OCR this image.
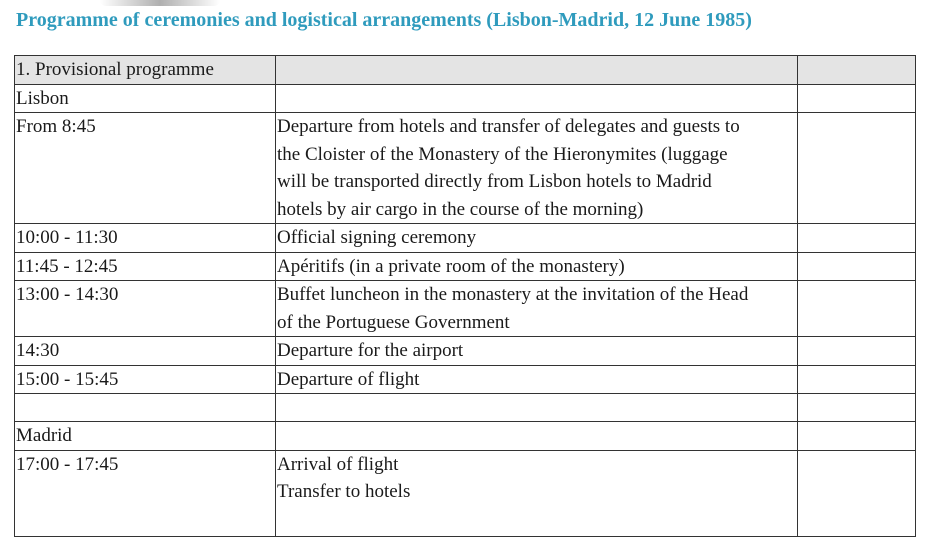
Programme of ceremonies and logistical arrangements (Lisbon-Madrid, 12 June 1985)
1. Provisional programme		
Lisbon		
From 8:45	Departure from hotels and transfer of delegates and guests to
the Cloister of the Monastery of the Hieronymites (luggage
will be transported directly from Lisbon hotels to Madrid
hotels by air cargo in the course of the morning)	

10:00 - 11:30	Official signing ceremony	

11:45 - 12:45	Apéritifs (in a private room of the monastery)	

13:00 - 14:30	Buffet luncheon in the monastery at the invitation of the Head
of the Portuguese Government	

14:30	Departure for the airport	

15:00 - 15:45	Departure of flight	

Madrid		
17:00 - 17:45	Arrival of flight
Transfer to hotels	
